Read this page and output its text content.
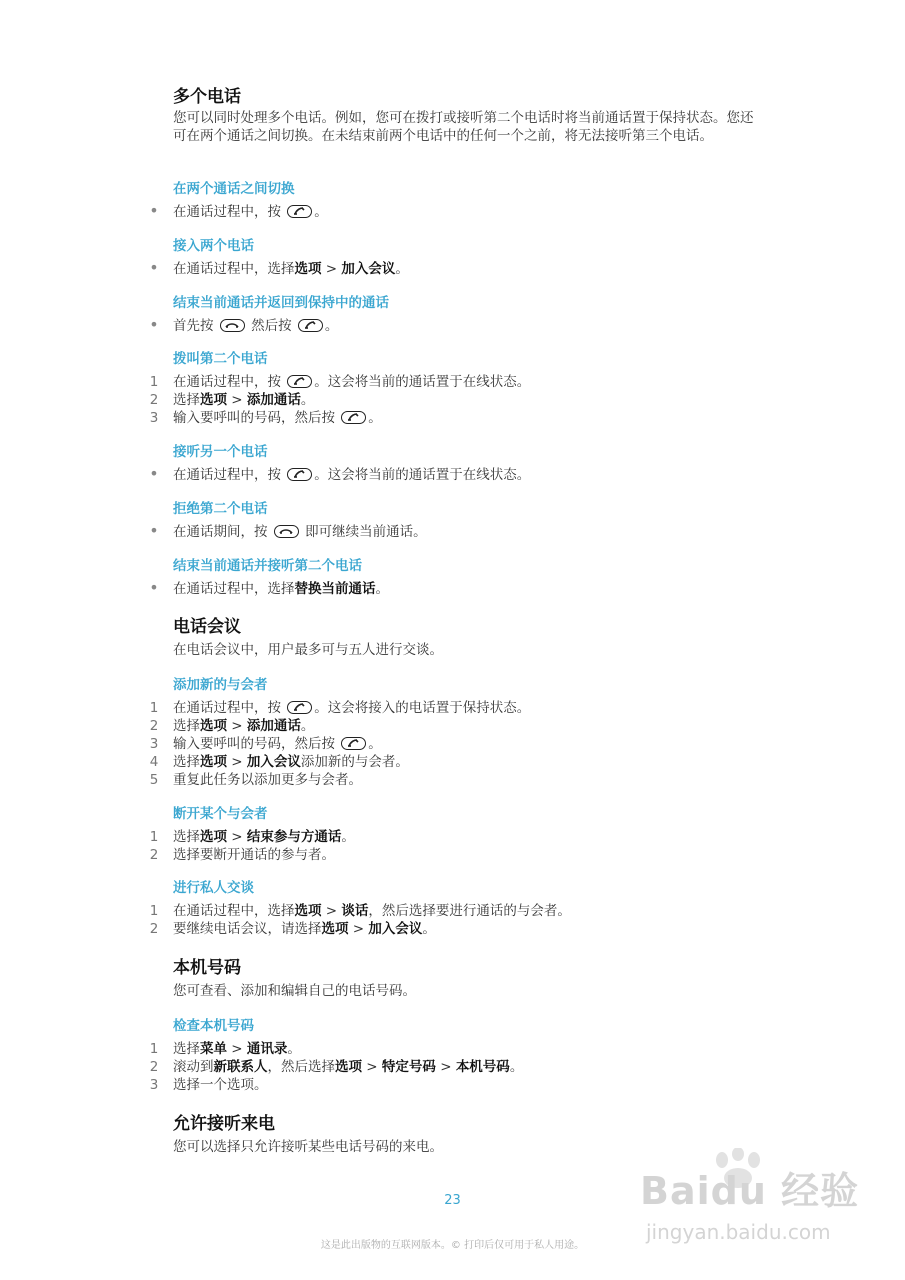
多个电话

您可以同时处理多个电话。例如，您可在拨打或接听第二个电话时将当前通话置于保持状态。您还可在两个通话之间切换。在未结束前两个电话中的任何一个之前，将无法接听第三个电话。

在两个通话之间切换
• 在通话过程中，按 。
接入两个电话
• 在通话过程中，选择选项 > 加入会议。
结束当前通话并返回到保持中的通话
• 首先按
然后按 。
拨叫第二个电话
1 在通话过程中，按 。这会将当前的通话置于在线状态。
2 选择选项 > 添加通话。
3 输入要呼叫的号码，然后按 。
接听另一个电话
• 在通话过程中，按 。这会将当前的通话置于在线状态。
拒绝第二个电话
• 在通话期间，按
即可继续当前通话。
结束当前通话并接听第二个电话
• 在通话过程中，选择替换当前通话。
电话会议

在电话会议中，用户最多可与五人进行交谈。

添加新的与会者
1 在通话过程中，按 。这会将接入的电话置于保持状态。
2 选择选项 > 添加通话。
3 输入要呼叫的号码，然后按 。
4 选择选项 > 加入会议添加新的与会者。
5 重复此任务以添加更多与会者。
断开某个与会者
1 选择选项 > 结束参与方通话。
2 选择要断开通话的参与者。
进行私人交谈
1 在通话过程中，选择选项 > 谈话，然后选择要进行通话的与会者。
2 要继续电话会议，请选择选项 > 加入会议。
本机号码

您可查看、添加和编辑自己的电话号码。

检查本机号码
1 选择菜单 > 通讯录。
2 滚动到新联系人，然后选择选项 > 特定号码 > 本机号码。
3 选择一个选项。
允许接听来电

您可以选择只允许接听某些电话号码的来电。

Baidu 经验
jingyan.baidu.com
23
这是此出版物的互联网版本。© 打印后仅可用于私人用途。
